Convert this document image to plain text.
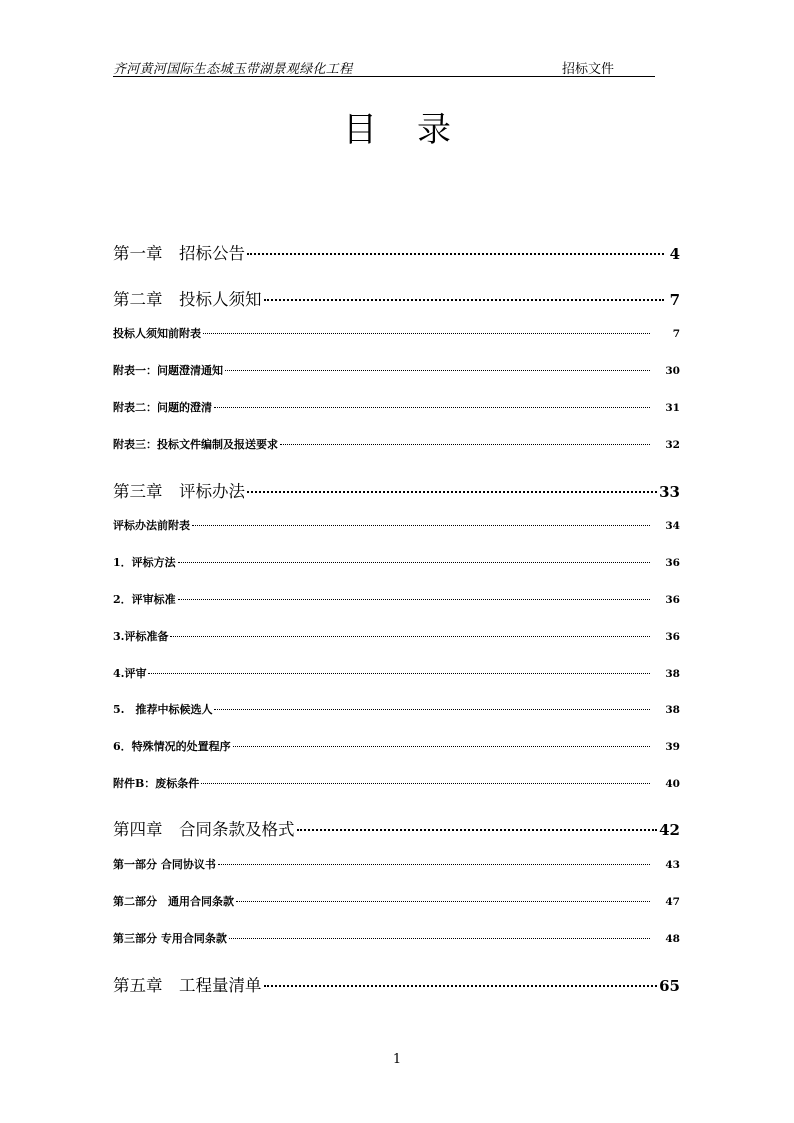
齐河黄河国际生态城玉带湖景观绿化工程	招标文件
目录
第一章　招标公告	4
第二章　投标人须知	7
投标人须知前附表	7
附表一：问题澄清通知	30
附表二：问题的澄清	31
附表三：投标文件编制及报送要求	32
第三章　评标办法	33
评标办法前附表	34
1．评标方法	36
2．评审标准	36
3.评标准备	36
4.评审	38
5.　推荐中标候选人	38
6．特殊情况的处置程序	39
附件B：废标条件	40
第四章　合同条款及格式	42
第一部分 合同协议书	43
第二部分　通用合同条款	47
第三部分 专用合同条款	48
第五章　工程量清单	65
1
